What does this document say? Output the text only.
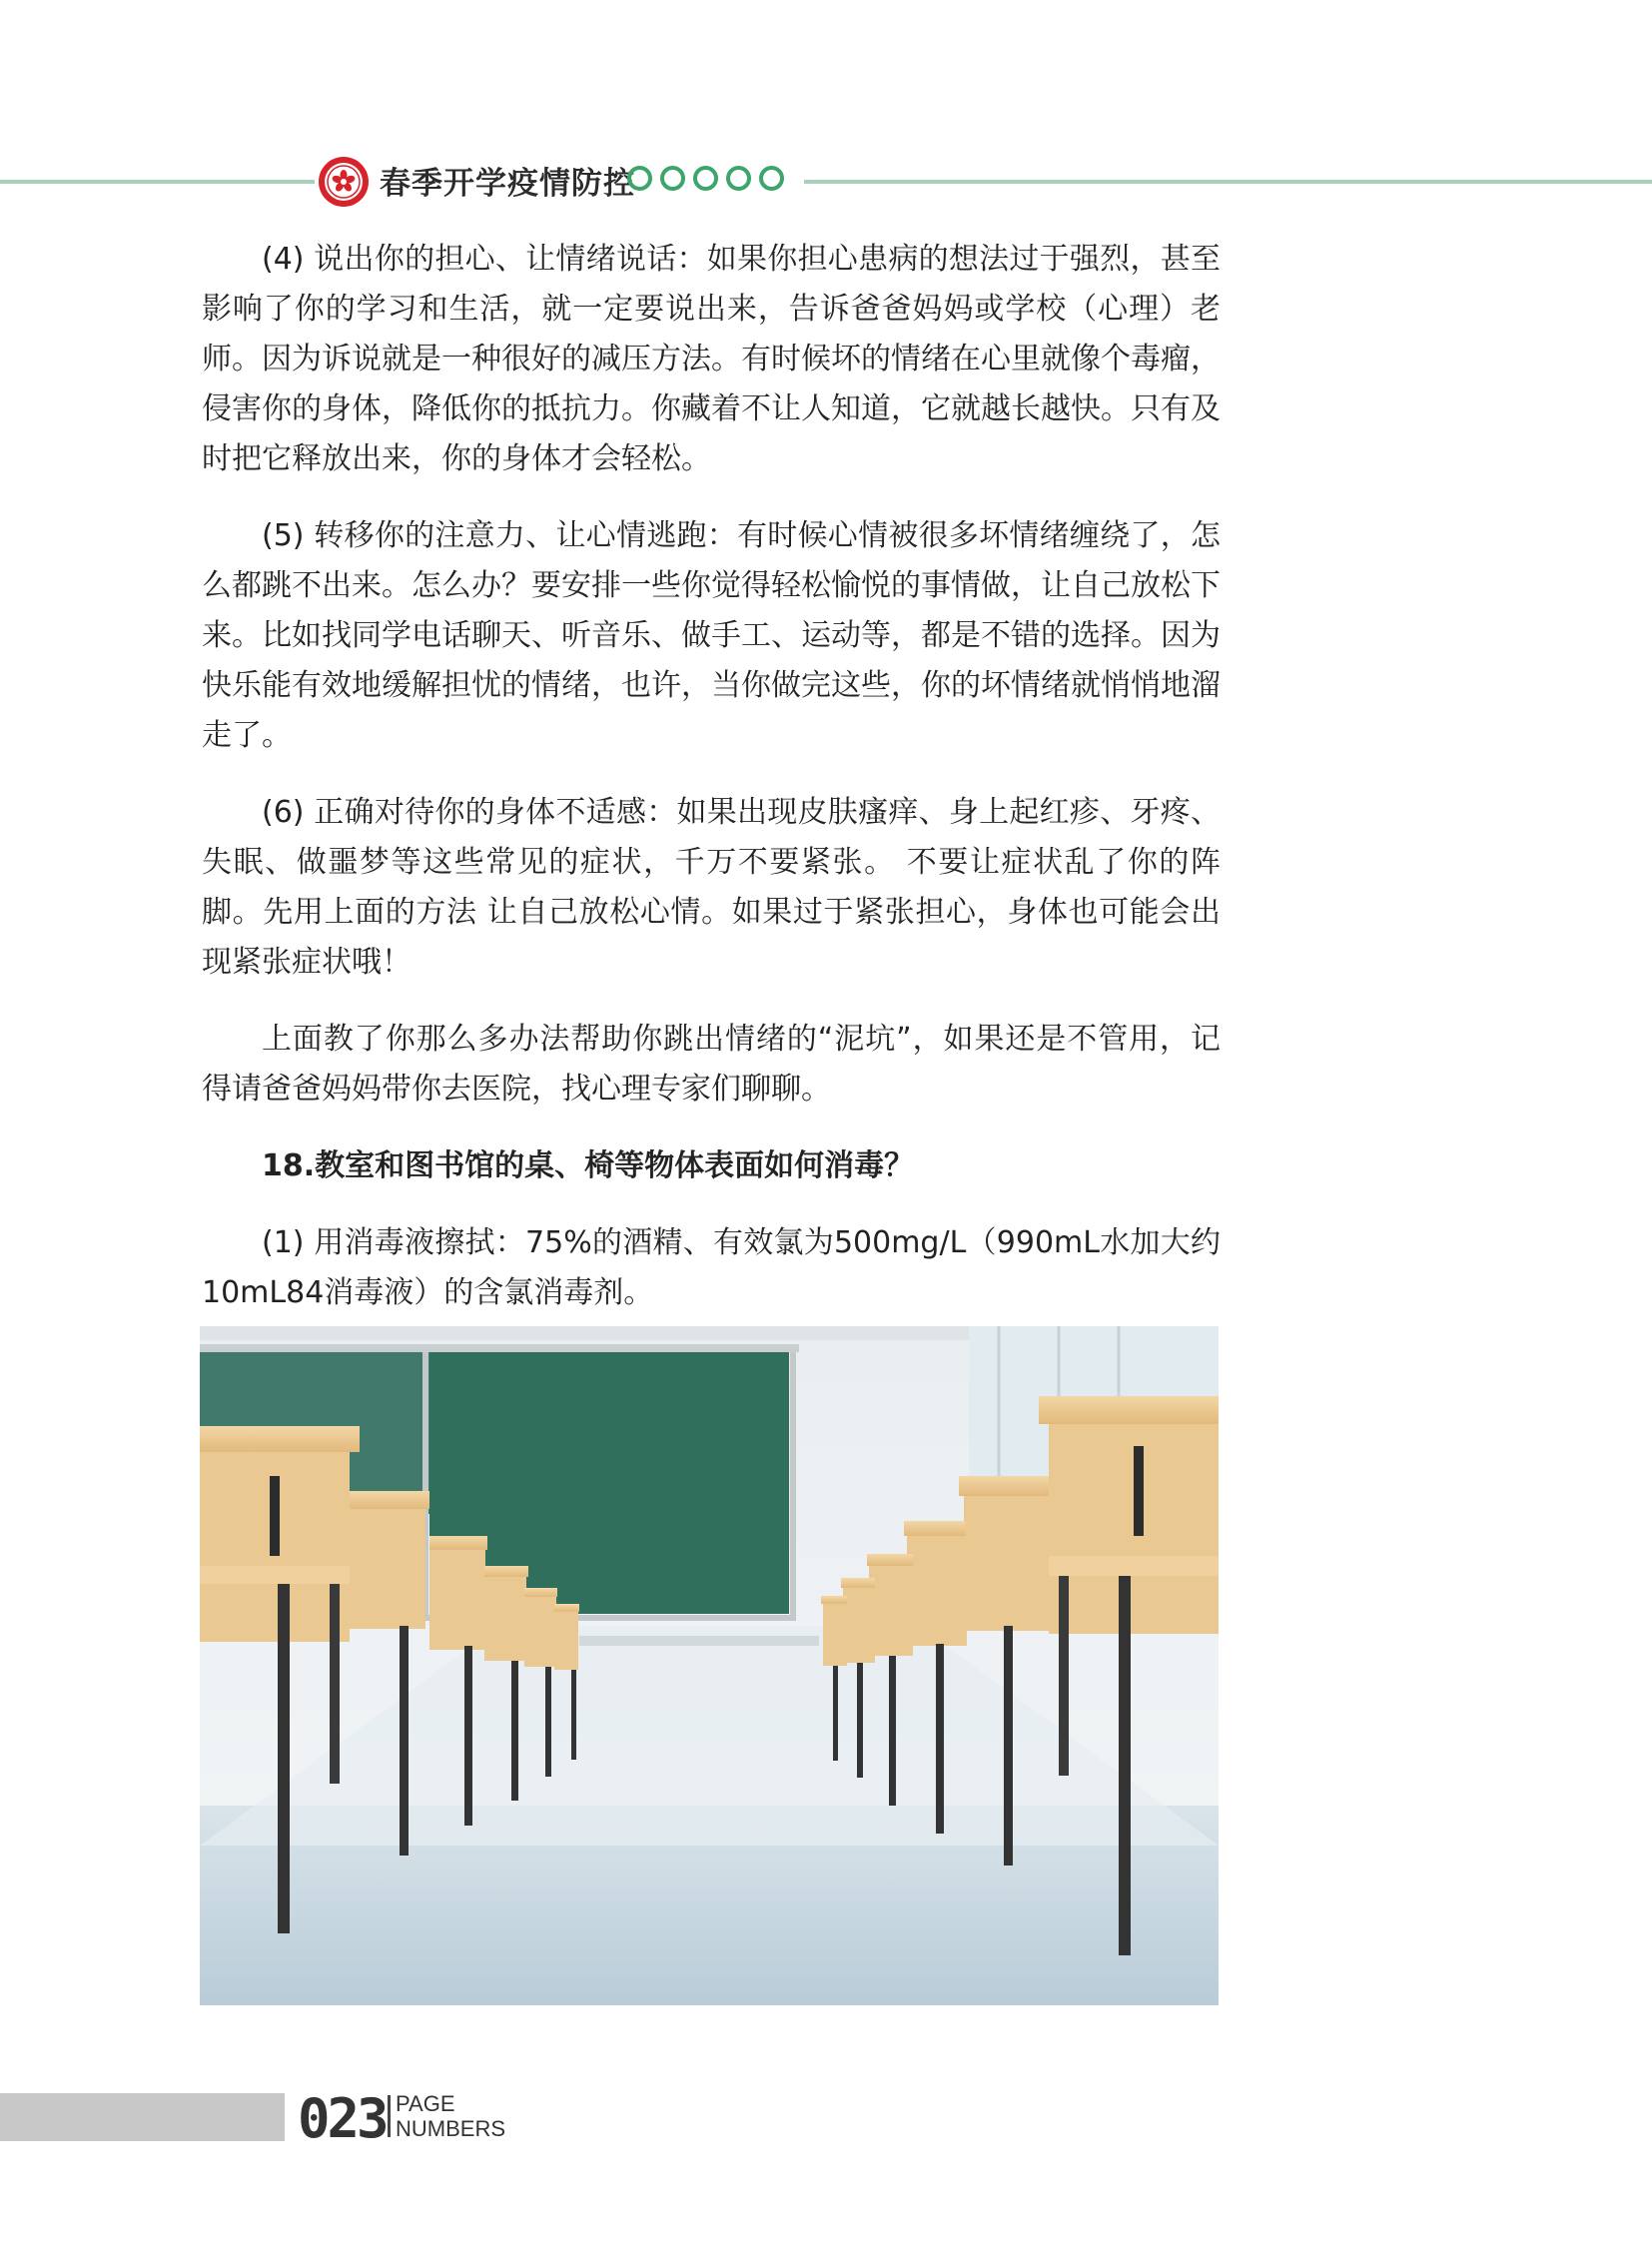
春季开学疫情防控

(4) 说出你的担心、让情绪说话：如果你担心患病的想法过于强烈，甚至影响了你的学习和生活，就一定要说出来，告诉爸爸妈妈或学校（心理）老师。因为诉说就是一种很好的减压方法。有时候坏的情绪在心里就像个毒瘤，侵害你的身体，降低你的抵抗力。你藏着不让人知道，它就越长越快。只有及时把它释放出来，你的身体才会轻松。

(5) 转移你的注意力、让心情逃跑：有时候心情被很多坏情绪缠绕了，怎么都跳不出来。怎么办？要安排一些你觉得轻松愉悦的事情做，让自己放松下来。比如找同学电话聊天、听音乐、做手工、运动等，都是不错的选择。因为快乐能有效地缓解担忧的情绪，也许，当你做完这些，你的坏情绪就悄悄地溜走了。

(6) 正确对待你的身体不适感：如果出现皮肤瘙痒、身上起红疹、牙疼、失眠、做噩梦等这些常见的症状，千万不要紧张。 不要让症状乱了你的阵脚。先用上面的方法 让自己放松心情。如果过于紧张担心，身体也可能会出现紧张症状哦！

上面教了你那么多办法帮助你跳出情绪的“泥坑”，如果还是不管用，记得请爸爸妈妈带你去医院，找心理专家们聊聊。

18.教室和图书馆的桌、椅等物体表面如何消毒？

(1) 用消毒液擦拭：75%的酒精、有效氯为500mg/L（990mL水加大约10mL84消毒液）的含氯消毒剂。

023 PAGE
NUMBERS
